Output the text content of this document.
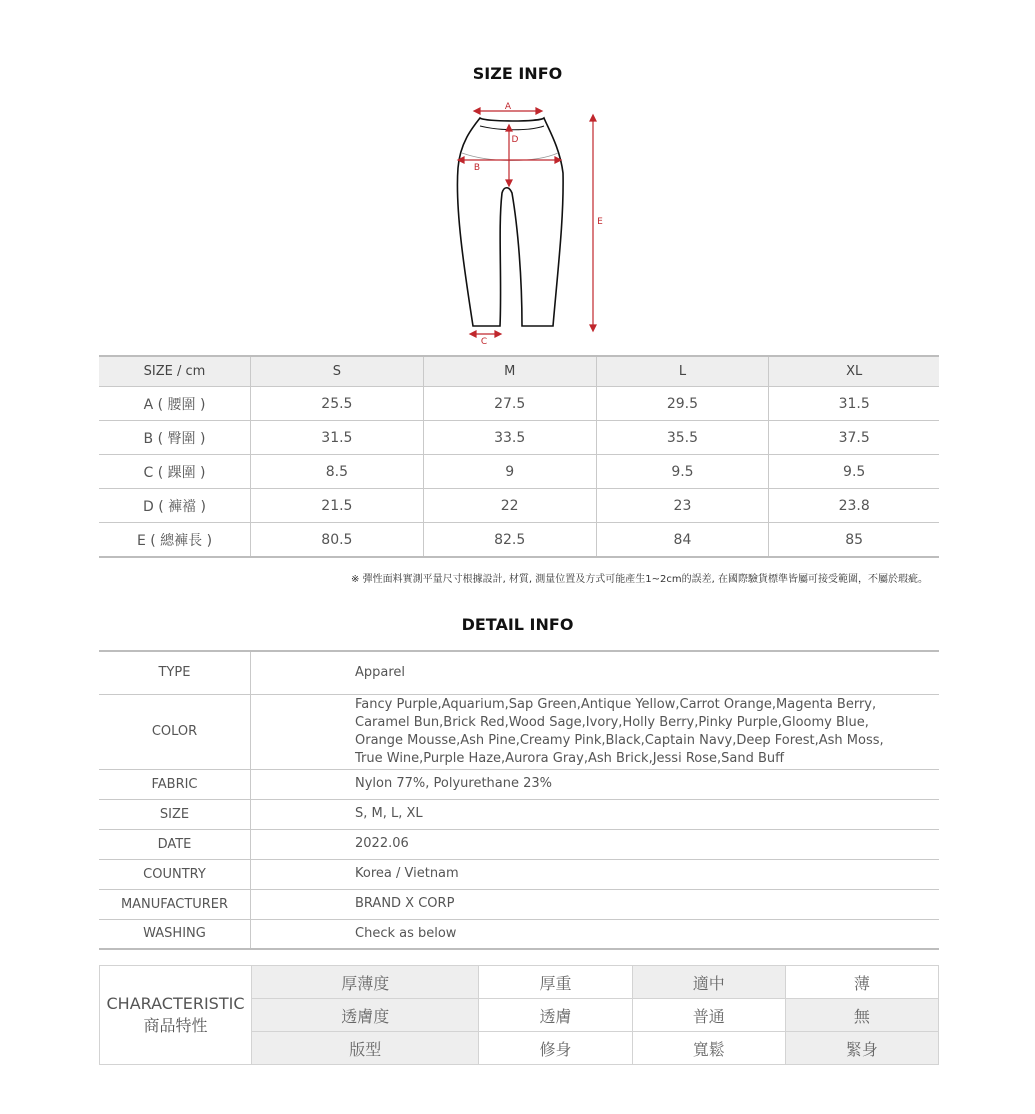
SIZE INFO
A
B
C
D
E
SIZE / cm	S	M	L	XL
A ( 腰圍 )	25.5	27.5	29.5	31.5
B ( 臀圍 )	31.5	33.5	35.5	37.5
C ( 踝圍 )	8.5	9	9.5	9.5
D ( 褲襠 )	21.5	22	23	23.8
E ( 總褲長 )	80.5	82.5	84	85
※ 彈性面料實測平量尺寸根據設計, 材質, 測量位置及方式可能產生1~2cm的誤差, 在國際驗貨標準皆屬可接受範圍，不屬於瑕疵。
DETAIL INFO
TYPE	Apparel
COLOR	Fancy Purple,Aquarium,Sap Green,Antique Yellow,Carrot Orange,Magenta Berry,
Caramel Bun,Brick Red,Wood Sage,Ivory,Holly Berry,Pinky Purple,Gloomy Blue,
Orange Mousse,Ash Pine,Creamy Pink,Black,Captain Navy,Deep Forest,Ash Moss,
True Wine,Purple Haze,Aurora Gray,Ash Brick,Jessi Rose,Sand Buff

FABRIC	Nylon 77%, Polyurethane 23%
SIZE	S, M, L, XL
DATE	2022.06
COUNTRY	Korea / Vietnam
MANUFACTURER	BRAND X CORP
WASHING	Check as below
CHARACTERISTIC
商品特性	厚薄度	厚重	適中	薄
	透膚度	透膚	普通	無
	版型	修身	寬鬆	緊身
